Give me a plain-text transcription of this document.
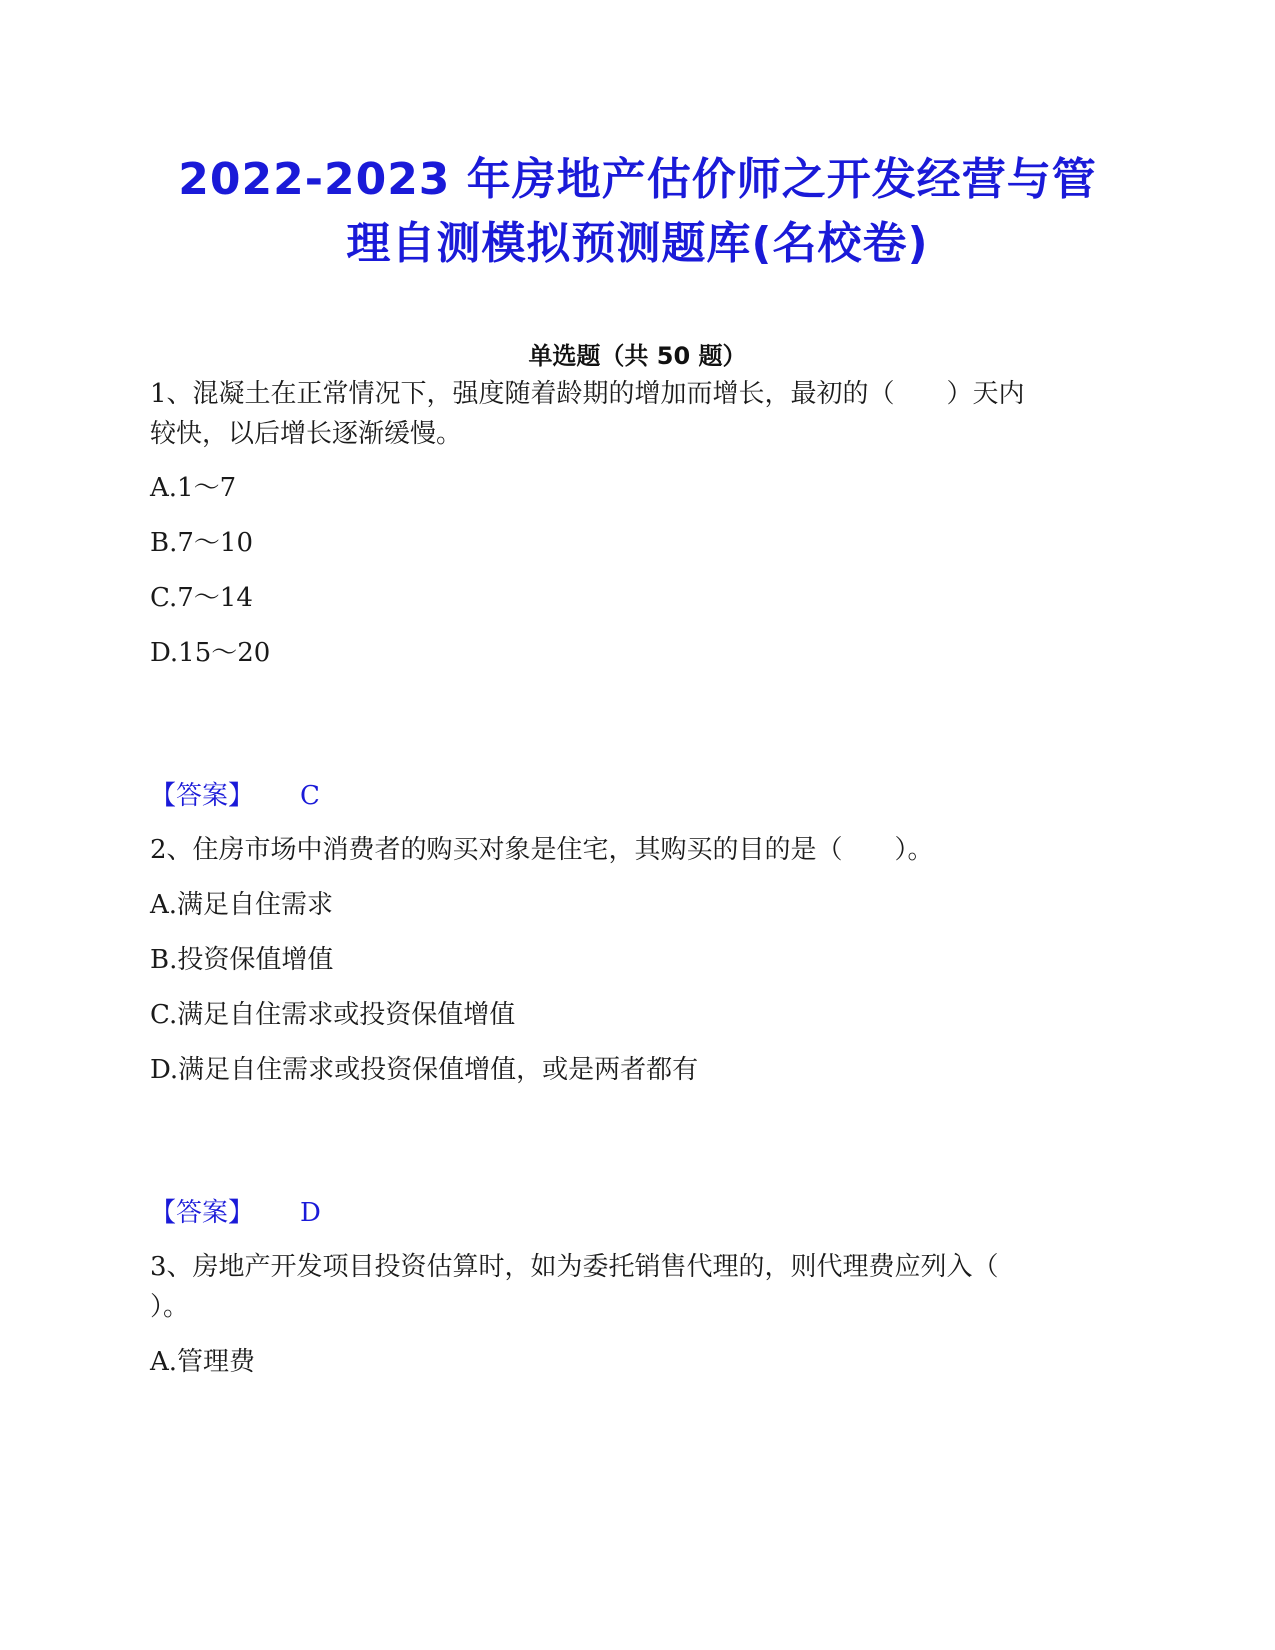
2022-2023 年房地产估价师之开发经营与管
理自测模拟预测题库(名校卷)
单选题（共 50 题）
1、混凝土在正常情况下，强度随着龄期的增加而增长，最初的（　　）天内
较快，以后增长逐渐缓慢。
A.1～7
B.7～10
C.7～14
D.15～20
【答案】 C
2、住房市场中消费者的购买对象是住宅，其购买的目的是（　　）。
A.满足自住需求
B.投资保值增值
C.满足自住需求或投资保值增值
D.满足自住需求或投资保值增值，或是两者都有
【答案】 D
3、房地产开发项目投资估算时，如为委托销售代理的，则代理费应列入（
）。
A.管理费
